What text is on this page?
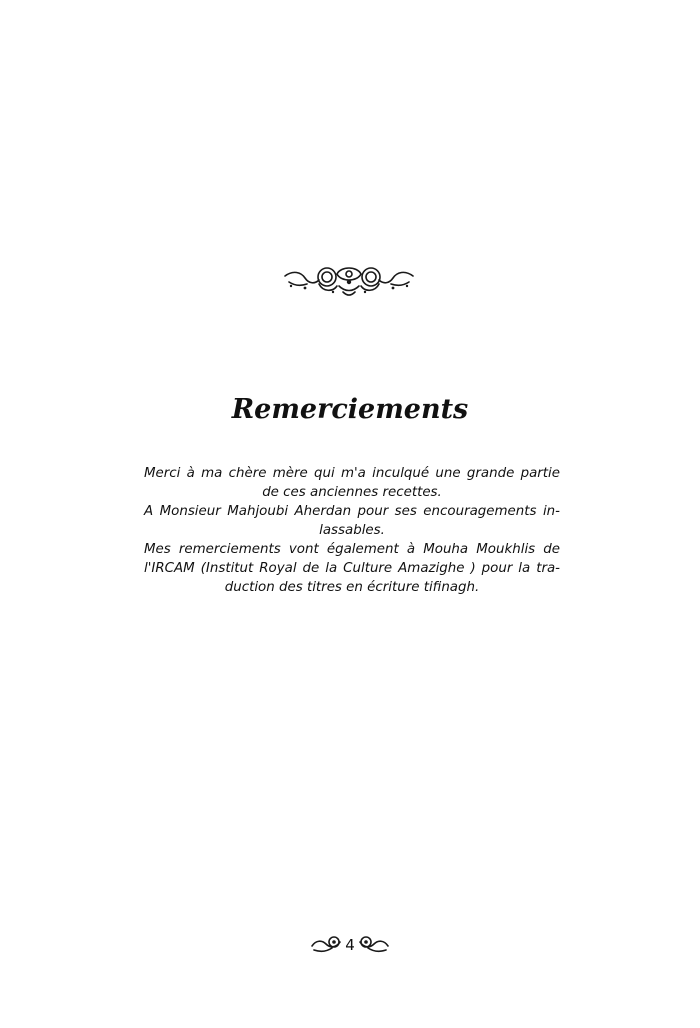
Remerciements
Merci à ma chère mère qui m'a inculqué une grande partie
de ces anciennes recettes.
A Monsieur Mahjoubi Aherdan pour ses encouragements in-
lassables.
Mes remerciements vont également à Mouha Moukhlis de
l'IRCAM (Institut Royal de la Culture Amazighe ) pour la tra-
duction des titres en écriture tifinagh.
4
